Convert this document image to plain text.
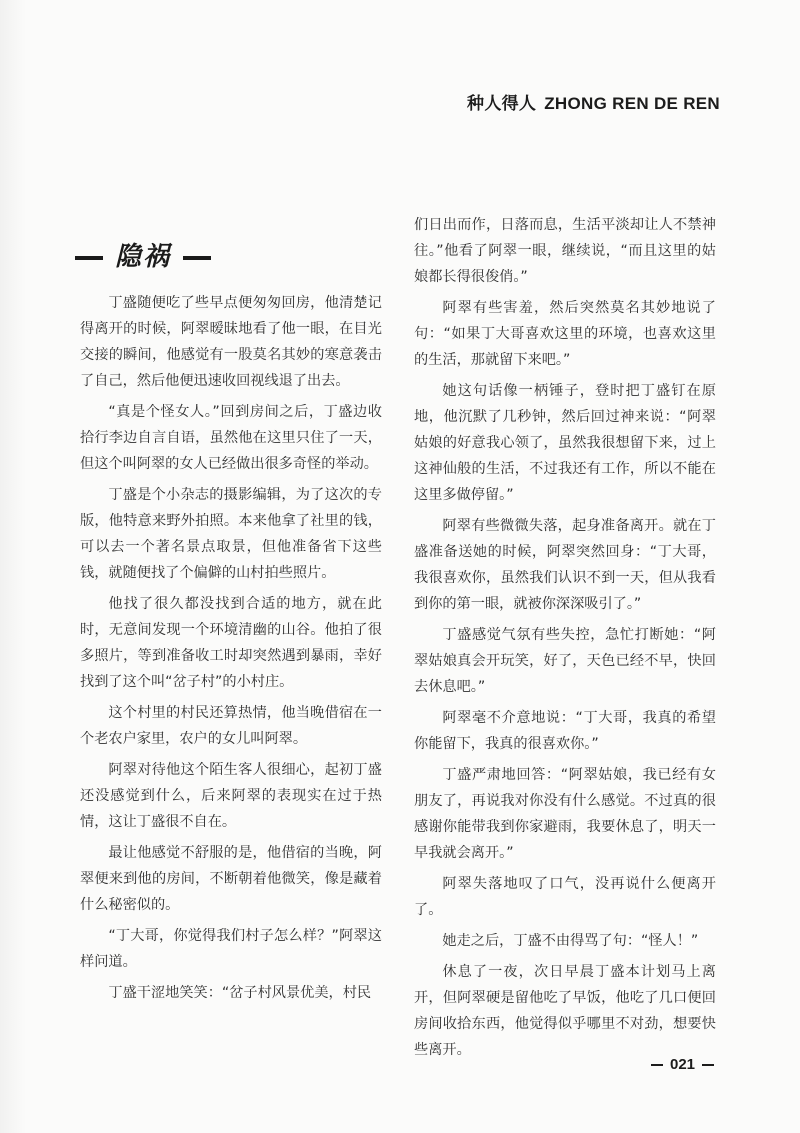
种人得人 ZHONG REN DE REN
隐祸

丁盛随便吃了些早点便匆匆回房，他清楚记得离开的时候，阿翠暧昧地看了他一眼，在目光交接的瞬间，他感觉有一股莫名其妙的寒意袭击了自己，然后他便迅速收回视线退了出去。

“真是个怪女人。”回到房间之后，丁盛边收拾行李边自言自语，虽然他在这里只住了一天，但这个叫阿翠的女人已经做出很多奇怪的举动。

丁盛是个小杂志的摄影编辑，为了这次的专版，他特意来野外拍照。本来他拿了社里的钱，可以去一个著名景点取景，但他准备省下这些钱，就随便找了个偏僻的山村拍些照片。

他找了很久都没找到合适的地方，就在此时，无意间发现一个环境清幽的山谷。他拍了很多照片，等到准备收工时却突然遇到暴雨，幸好找到了这个叫“岔子村”的小村庄。

这个村里的村民还算热情，他当晚借宿在一个老农户家里，农户的女儿叫阿翠。

阿翠对待他这个陌生客人很细心，起初丁盛还没感觉到什么，后来阿翠的表现实在过于热情，这让丁盛很不自在。

最让他感觉不舒服的是，他借宿的当晚，阿翠便来到他的房间，不断朝着他微笑，像是藏着什么秘密似的。

“丁大哥，你觉得我们村子怎么样？”阿翠这样问道。

丁盛干涩地笑笑：“岔子村风景优美，村民

们日出而作，日落而息，生活平淡却让人不禁神往。”他看了阿翠一眼，继续说，“而且这里的姑娘都长得很俊俏。”

阿翠有些害羞，然后突然莫名其妙地说了句：“如果丁大哥喜欢这里的环境，也喜欢这里的生活，那就留下来吧。”

她这句话像一柄锤子，登时把丁盛钉在原地，他沉默了几秒钟，然后回过神来说：“阿翠姑娘的好意我心领了，虽然我很想留下来，过上这神仙般的生活，不过我还有工作，所以不能在这里多做停留。”

阿翠有些微微失落，起身准备离开。就在丁盛准备送她的时候，阿翠突然回身：“丁大哥，我很喜欢你，虽然我们认识不到一天，但从我看到你的第一眼，就被你深深吸引了。”

丁盛感觉气氛有些失控，急忙打断她：“阿翠姑娘真会开玩笑，好了，天色已经不早，快回去休息吧。”

阿翠毫不介意地说：“丁大哥，我真的希望你能留下，我真的很喜欢你。”

丁盛严肃地回答：“阿翠姑娘，我已经有女朋友了，再说我对你没有什么感觉。不过真的很感谢你能带我到你家避雨，我要休息了，明天一早我就会离开。”

阿翠失落地叹了口气，没再说什么便离开了。

她走之后，丁盛不由得骂了句：“怪人！”

休息了一夜，次日早晨丁盛本计划马上离开，但阿翠硬是留他吃了早饭，他吃了几口便回房间收拾东西，他觉得似乎哪里不对劲，想要快些离开。

021
